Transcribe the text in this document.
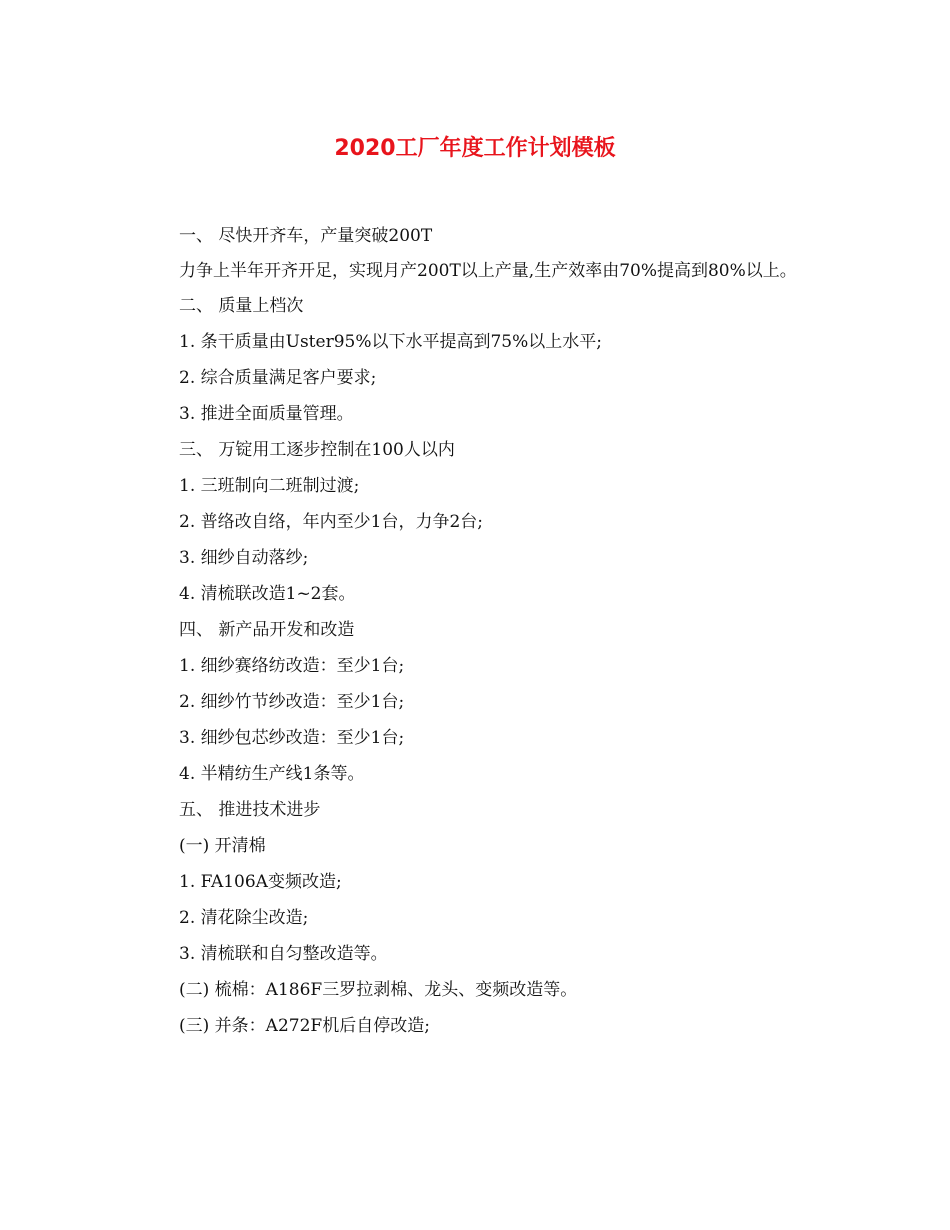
2020工厂年度工作计划模板

一、 尽快开齐车，产量突破200T

力争上半年开齐开足，实现月产200T以上产量,生产效率由70%提高到80%以上。

二、 质量上档次

1. 条干质量由Uster95%以下水平提高到75%以上水平;

2. 综合质量满足客户要求;

3. 推进全面质量管理。

三、 万锭用工逐步控制在100人以内

1. 三班制向二班制过渡;

2. 普络改自络，年内至少1台，力争2台;

3. 细纱自动落纱;

4. 清梳联改造1~2套。

四、 新产品开发和改造

1. 细纱赛络纺改造：至少1台;

2. 细纱竹节纱改造：至少1台;

3. 细纱包芯纱改造：至少1台;

4. 半精纺生产线1条等。

五、 推进技术进步

(一) 开清棉

1. FA106A变频改造;

2. 清花除尘改造;

3. 清梳联和自匀整改造等。

(二) 梳棉：A186F三罗拉剥棉、龙头、变频改造等。

(三) 并条：A272F机后自停改造;
